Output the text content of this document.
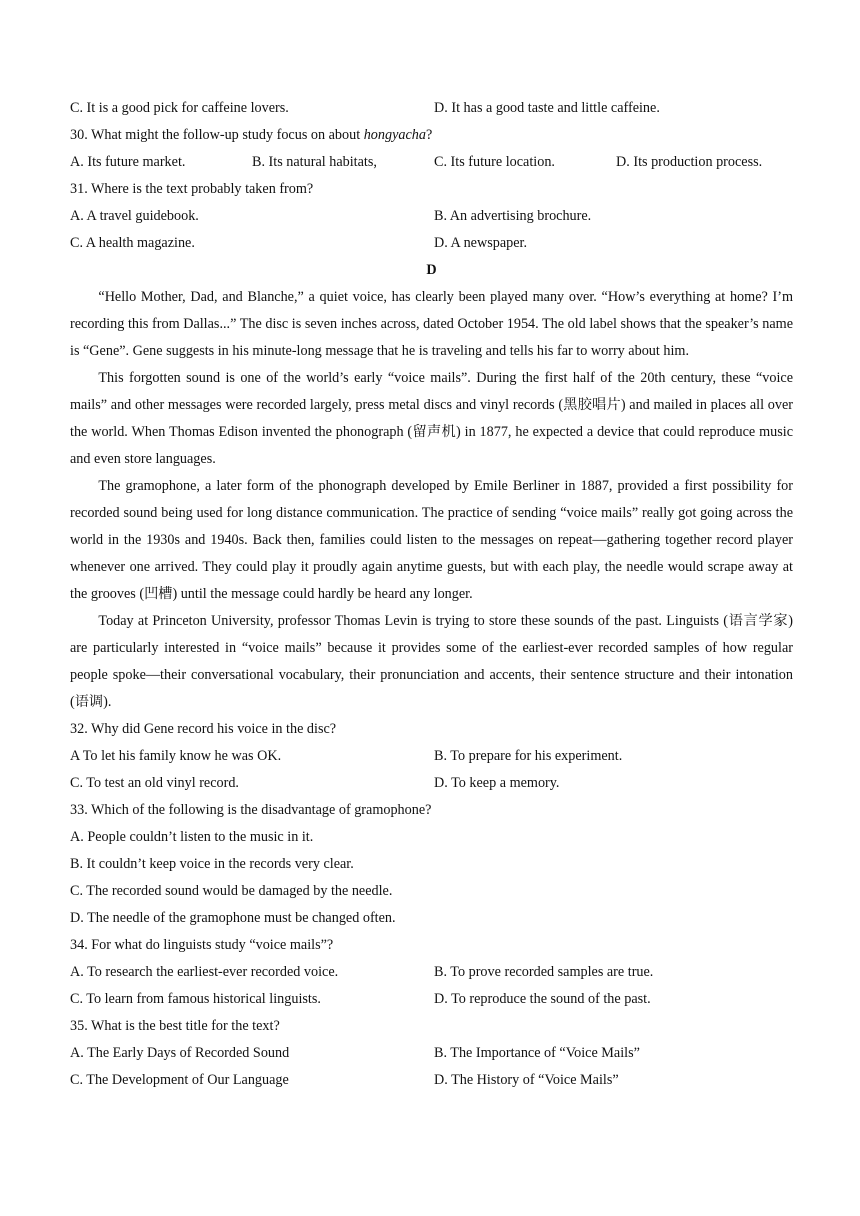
C. It is a good pick for caffeine lovers.	D. It has a good taste and little caffeine.
30. What might the follow-up study focus on about hongyacha?
A. Its future market.	B. Its natural habitats,	C. Its future location.	D. Its production process.
31. Where is the text probably taken from?
A. A travel guidebook.	B. An advertising brochure.
C. A health magazine.	D. A newspaper.
D

“Hello Mother, Dad, and Blanche,” a quiet voice, has clearly been played many over. “How’s everything at home? I’m recording this from Dallas...” The disc is seven inches across, dated October 1954. The old label shows that the speaker’s name is “Gene”. Gene suggests in his minute-long message that he is traveling and tells his far to worry about him.

This forgotten sound is one of the world’s early “voice mails”. During the first half of the 20th century, these “voice mails” and other messages were recorded largely, press metal discs and vinyl records (黑胶唱片) and mailed in places all over the world. When Thomas Edison invented the phonograph (留声机) in 1877, he expected a device that could reproduce music and even store languages.

The gramophone, a later form of the phonograph developed by Emile Berliner in 1887, provided a first possibility for recorded sound being used for long distance communication. The practice of sending “voice mails” really got going across the world in the 1930s and 1940s. Back then, families could listen to the messages on repeat—gathering together record player whenever one arrived. They could play it proudly again anytime guests, but with each play, the needle would scrape away at the grooves (凹槽) until the message could hardly be heard any longer.

Today at Princeton University, professor Thomas Levin is trying to store these sounds of the past. Linguists (语言学家) are particularly interested in “voice mails” because it provides some of the earliest-ever recorded samples of how regular people spoke—their conversational vocabulary, their pronunciation and accents, their sentence structure and their intonation (语调).

32. Why did Gene record his voice in the disc?
A To let his family know he was OK.	B. To prepare for his experiment.
C. To test an old vinyl record.	D. To keep a memory.
33. Which of the following is the disadvantage of gramophone?
A. People couldn’t listen to the music in it.
B. It couldn’t keep voice in the records very clear.
C. The recorded sound would be damaged by the needle.
D. The needle of the gramophone must be changed often.
34. For what do linguists study “voice mails”?
A. To research the earliest-ever recorded voice.	B. To prove recorded samples are true.
C. To learn from famous historical linguists.	D. To reproduce the sound of the past.
35. What is the best title for the text?
A. The Early Days of Recorded Sound	B. The Importance of “Voice Mails”
C. The Development of Our Language	D. The History of “Voice Mails”
